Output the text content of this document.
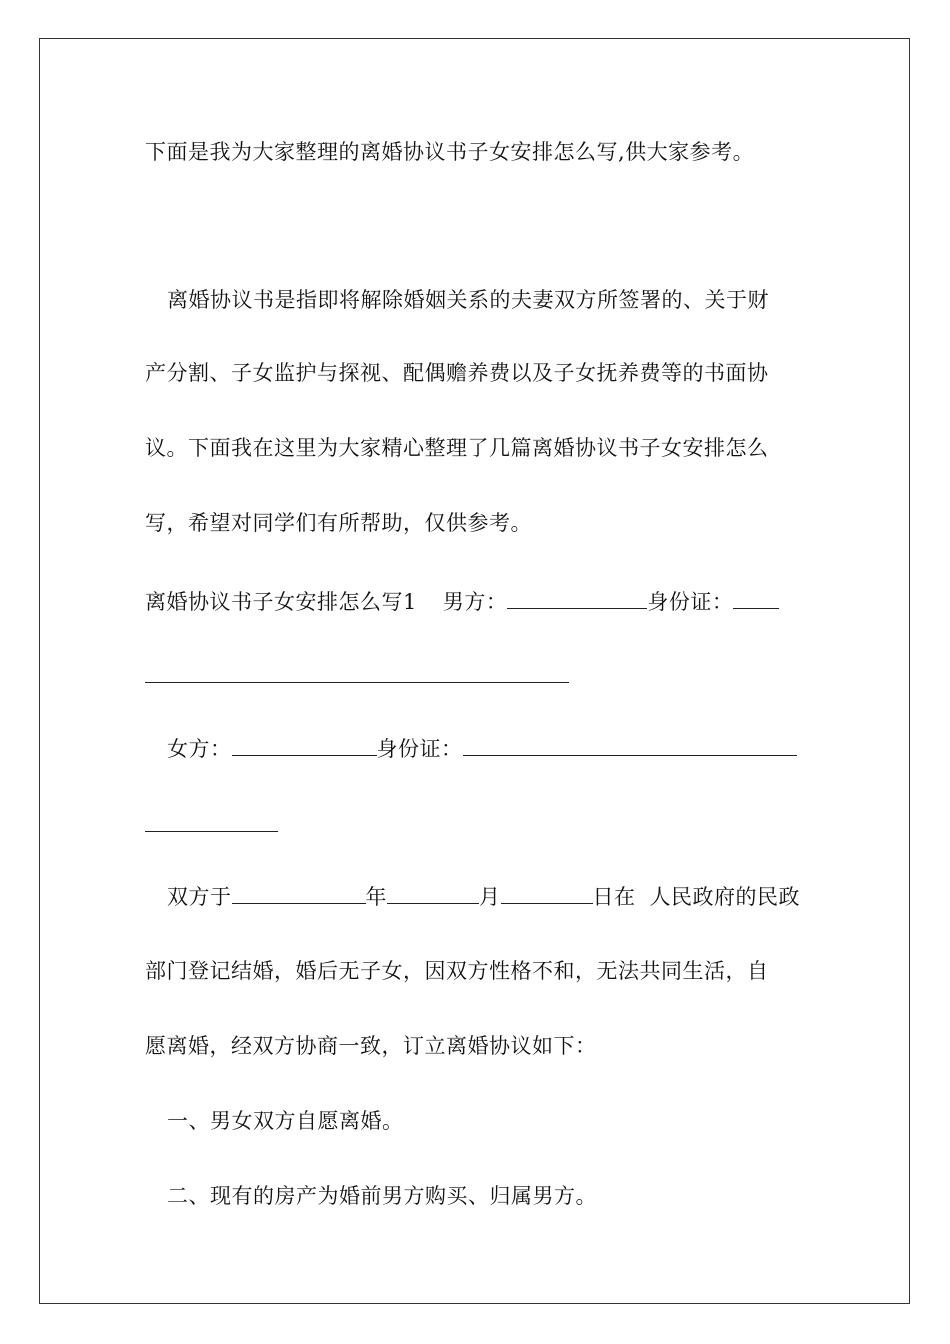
下面是我为大家整理的离婚协议书子女安排怎么写,供大家参考。
离婚协议书是指即将解除婚姻关系的夫妻双方所签署的、关于财
产分割、子女监护与探视、配偶赡养费以及子女抚养费等的书面协
议。下面我在这里为大家精心整理了几篇离婚协议书子女安排怎么
写，希望对同学们有所帮助，仅供参考。
离婚协议书子女安排怎么写1 男方：	身份证：
女方：	身份证：
双方于	年	月	日在 人民政府的民政
部门登记结婚，婚后无子女，因双方性格不和，无法共同生活，自
愿离婚，经双方协商一致，订立离婚协议如下：
一、男女双方自愿离婚。
二、现有的房产为婚前男方购买、归属男方。
